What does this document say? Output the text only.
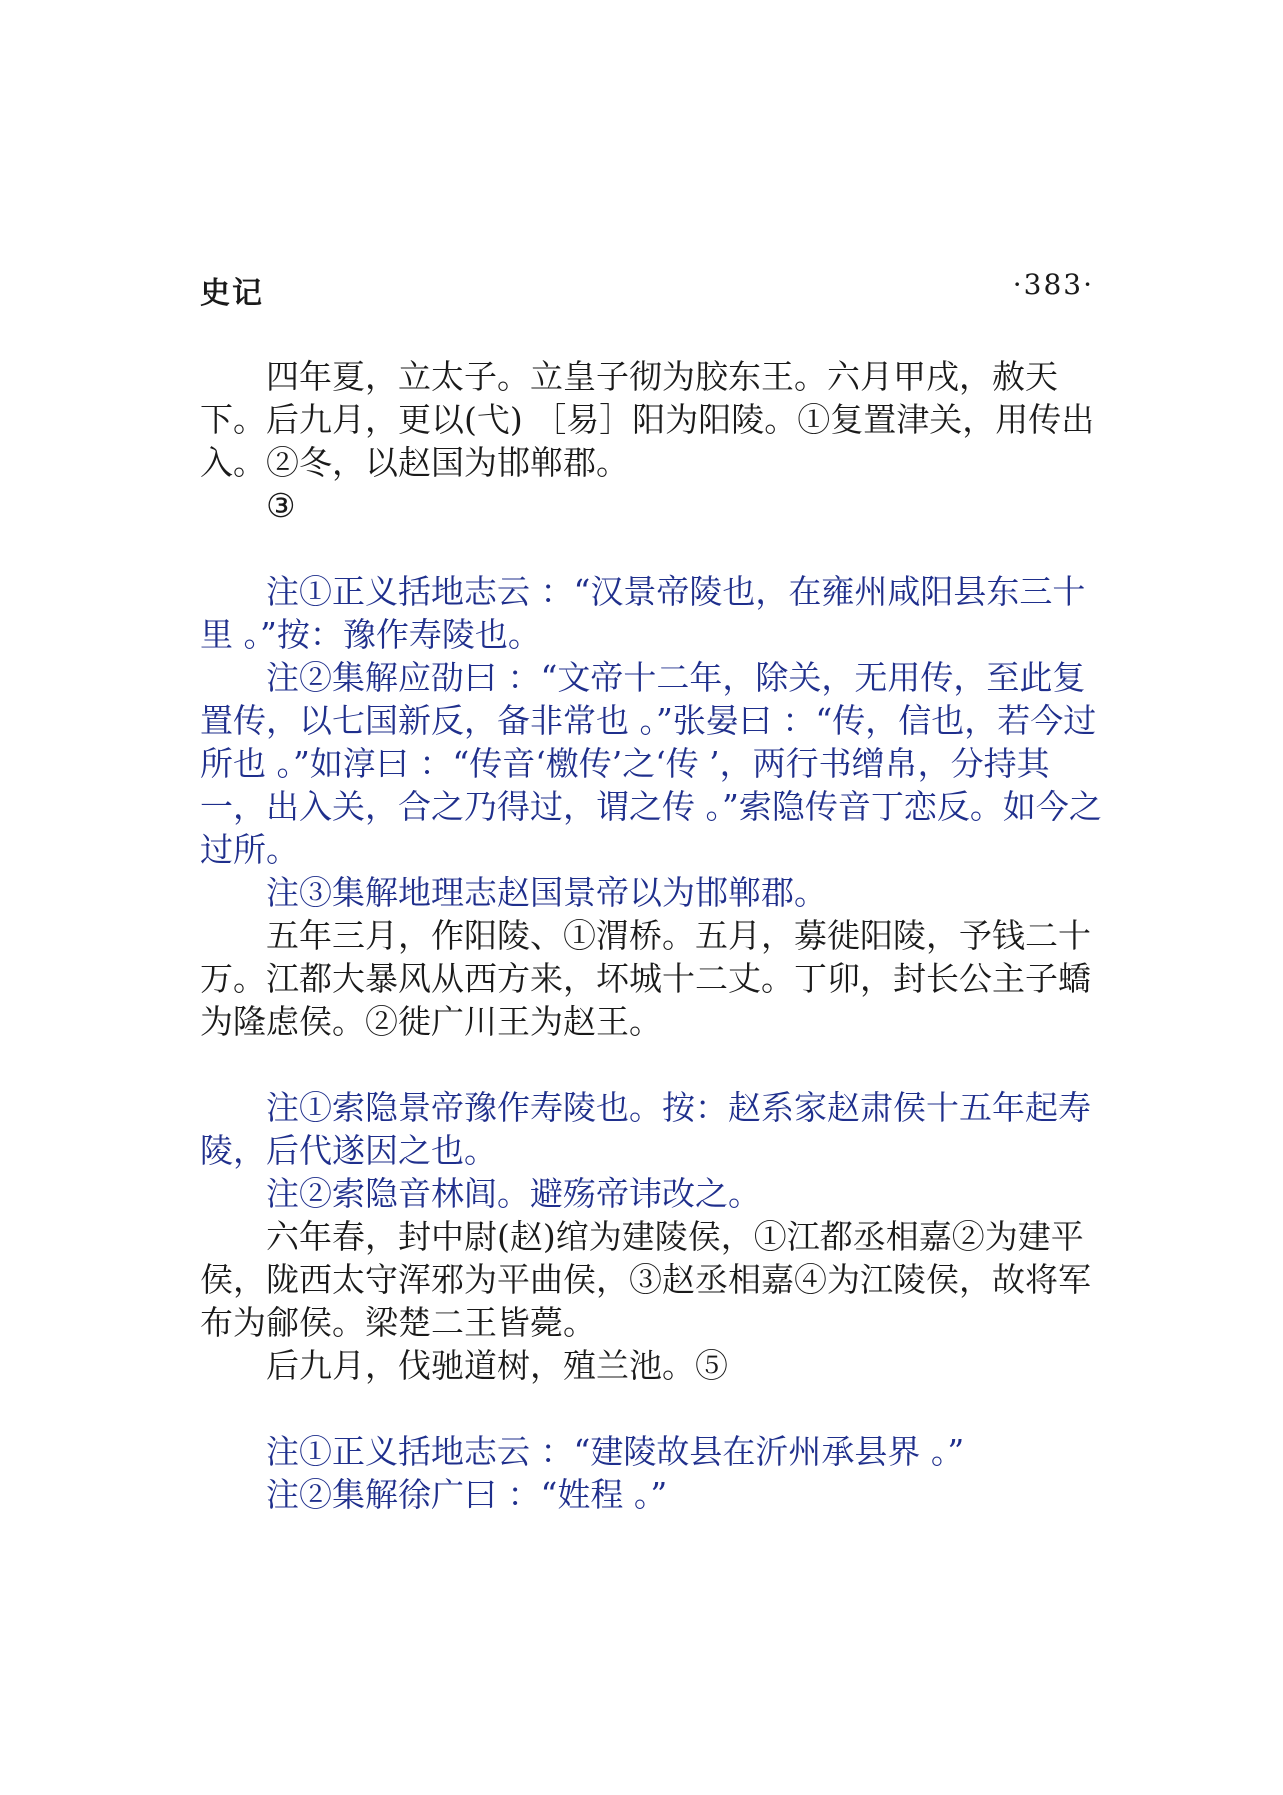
史记	·383·

四年夏，立太子。立皇子彻为胶东王。六月甲戌，赦天下。后九月，更以(弋) ［易］阳为阳陵。①复置津关，用传出入。②冬，以赵国为邯郸郡。

③

注①正义括地志云 ：“汉景帝陵也，在雍州咸阳县东三十里 。”按：豫作寿陵也。

注②集解应劭曰 ：“文帝十二年，除关，无用传，至此复置传，以七国新反，备非常也 。”张晏曰 ：“传，信也，若今过所也 。”如淳曰 ：“传音‘檄传’之‘传 ’，两行书缯帛，分持其一，出入关，合之乃得过，谓之传 。”索隐传音丁恋反。如今之过所。

注③集解地理志赵国景帝以为邯郸郡。

五年三月，作阳陵、①渭桥。五月，募徙阳陵，予钱二十万。江都大暴风从西方来，坏城十二丈。丁卯，封长公主子蟜为隆虑侯。②徙广川王为赵王。

注①索隐景帝豫作寿陵也。按：赵系家赵肃侯十五年起寿陵，后代遂因之也。

注②索隐音林闾。避殇帝讳改之。

六年春，封中尉(赵)绾为建陵侯，①江都丞相嘉②为建平侯，陇西太守浑邪为平曲侯，③赵丞相嘉④为江陵侯，故将军布为鄃侯。梁楚二王皆薨。

后九月，伐驰道树，殖兰池。⑤

注①正义括地志云 ：“建陵故县在沂州承县界 。”

注②集解徐广曰 ：“姓程 。”
